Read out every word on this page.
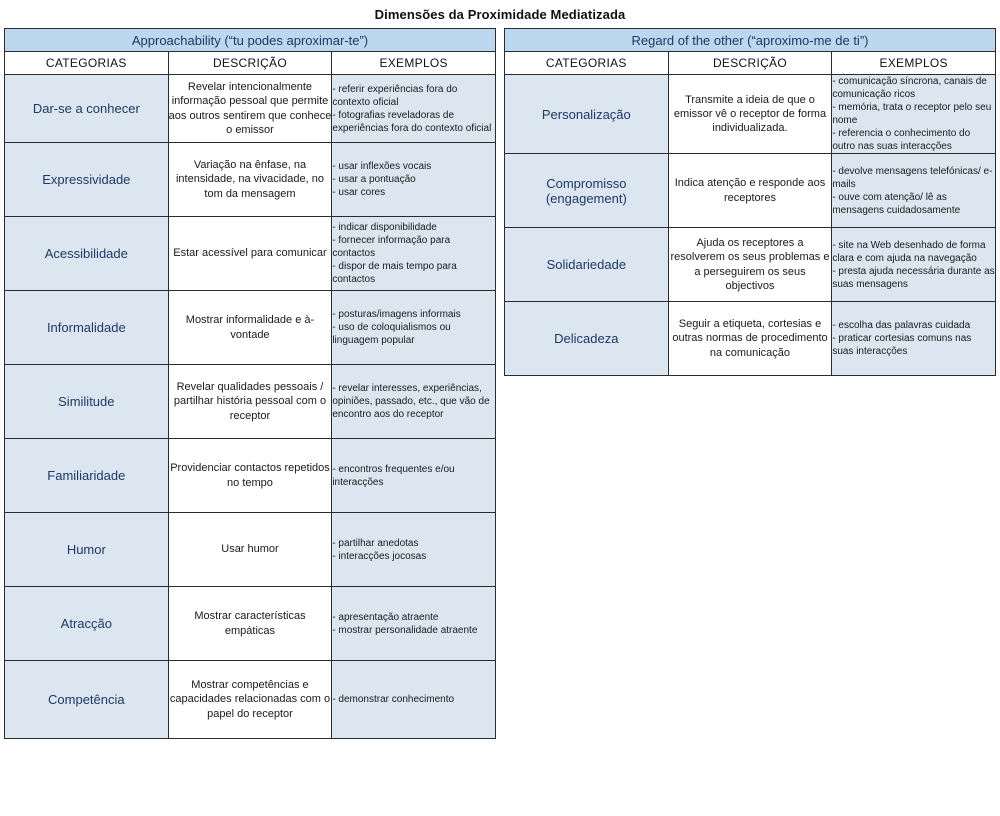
Dimensões da Proximidade Mediatizada
Approachability (“tu podes aproximar-te”)		
CATEGORIAS	DESCRIÇÃO	EXEMPLOS
Dar-se a conhecer	Revelar intencionalmente informação pessoal que permite aos outros sentirem que conhece o emissor	- referir experiências fora do contexto oficial
- fotografias reveladoras de experiências fora do contexto oficial

Expressividade	Variação na ênfase, na intensidade, na vivacidade, no tom da mensagem	- usar inflexões vocais
- usar a pontuação
- usar cores

Acessibilidade	Estar acessível para comunicar	- indicar disponibilidade
- fornecer informação para contactos
- dispor de mais tempo para contactos

Informalidade	Mostrar informalidade e à- vontade	- posturas/imagens informais
- uso de coloquialismos ou linguagem popular

Similitude	Revelar qualidades pessoais / partilhar história pessoal com o receptor	- revelar interesses, experiências, opiniões, passado, etc., que vão de encontro aos do receptor

Familiaridade	Providenciar contactos repetidos no tempo	- encontros frequentes e/ou interacções

Humor	Usar humor	- partilhar anedotas
- interacções jocosas

Atracção	Mostrar características empáticas	- apresentação atraente
- mostrar personalidade atraente

Competência	Mostrar competências e capacidades relacionadas com o papel do receptor	- demonstrar conhecimento
Regard of the other (“aproximo-me de ti”)		
CATEGORIAS	DESCRIÇÃO	EXEMPLOS
Personalização	Transmite a ideia de que o emissor vê o receptor de forma individualizada.	- comunicação síncrona, canais de comunicação ricos
- memória, trata o receptor pelo seu nome
- referencia o conhecimento do outro nas suas interacções

Compromisso (engagement)	Indica atenção e responde aos receptores	- devolve mensagens telefónicas/ e-mails
- ouve com atenção/ lê as mensagens cuidadosamente

Solidariedade	Ajuda os receptores a resolverem os seus problemas e a perseguirem os seus objectivos	- site na Web desenhado de forma clara e com ajuda na navegação
- presta ajuda necessária durante as suas mensagens

Delicadeza	Seguir a etiqueta, cortesias e outras normas de procedimento na comunicação	- escolha das palavras cuidada
- praticar cortesias comuns nas suas interacções
